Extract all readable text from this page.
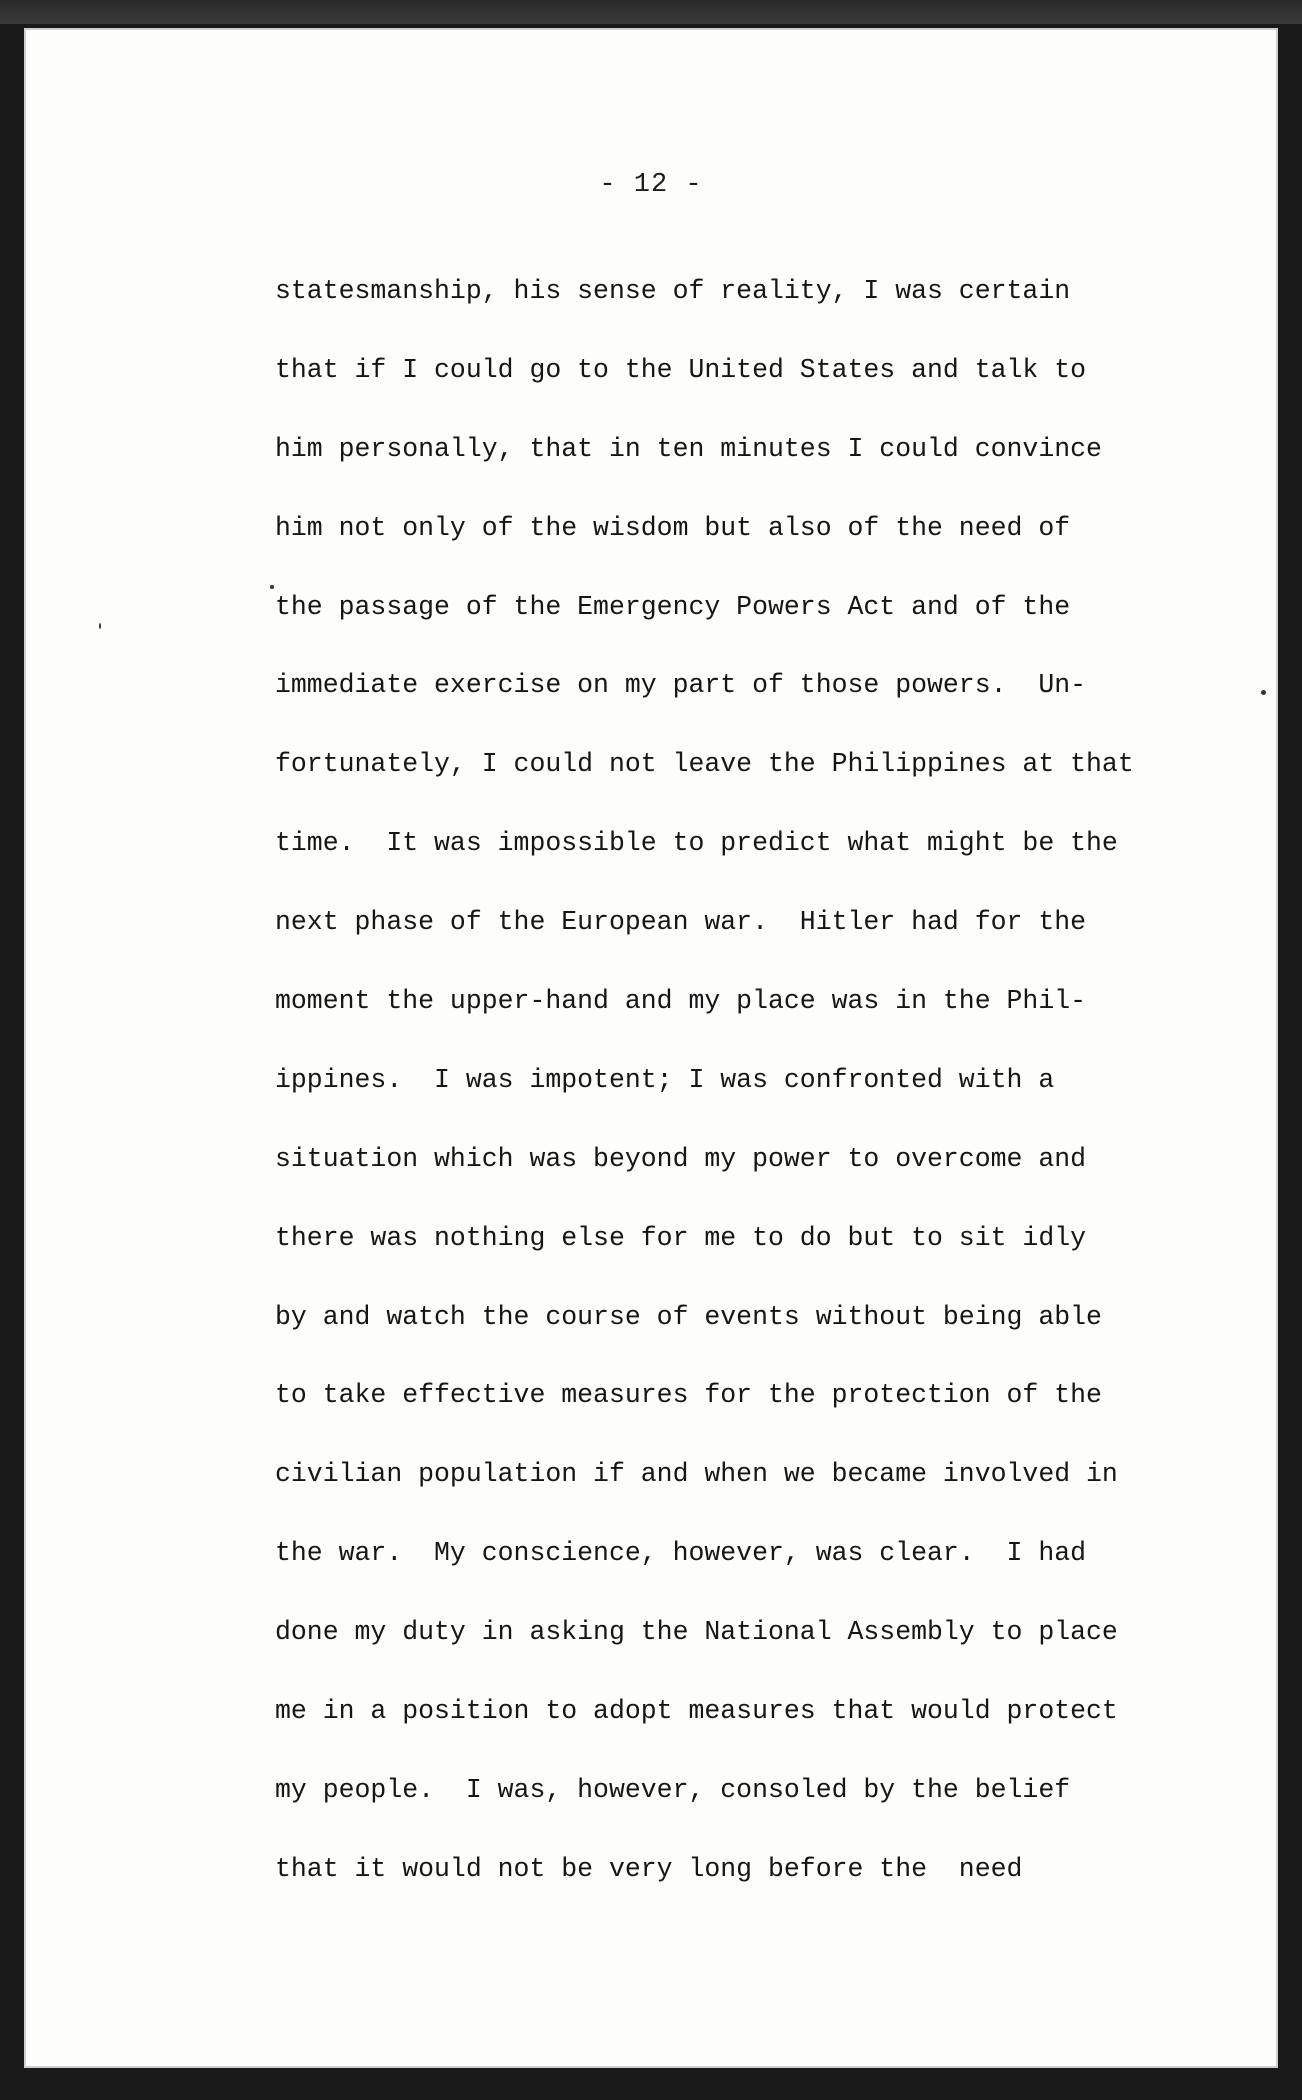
- 12 -
statesmanship, his sense of reality, I was certain
that if I could go to the United States and talk to
him personally, that in ten minutes I could convince
him not only of the wisdom but also of the need of
the passage of the Emergency Powers Act and of the
immediate exercise on my part of those powers.  Un-
fortunately, I could not leave the Philippines at that
time.  It was impossible to predict what might be the
next phase of the European war.  Hitler had for the
moment the upper-hand and my place was in the Phil-
ippines.  I was impotent; I was confronted with a
situation which was beyond my power to overcome and
there was nothing else for me to do but to sit idly
by and watch the course of events without being able
to take effective measures for the protection of the
civilian population if and when we became involved in
the war.  My conscience, however, was clear.  I had
done my duty in asking the National Assembly to place
me in a position to adopt measures that would protect
my people.  I was, however, consoled by the belief
that it would not be very long before the  need
